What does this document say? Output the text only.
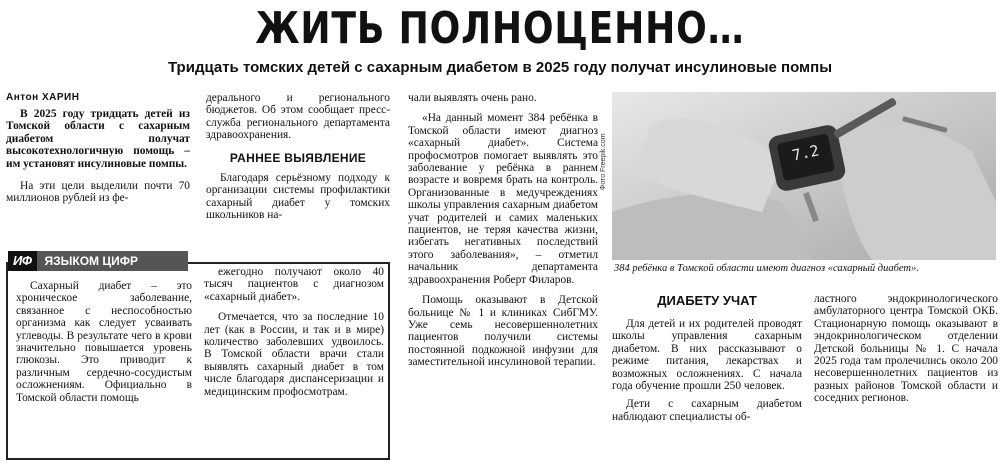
ЖИТЬ ПОЛНОЦЕННО…
Тридцать томских детей с сахарным диабетом в 2025 году получат инсулиновые помпы
Антон ХАРИН

В 2025 году тридцать детей из Томской области с сахарным диабетом получат высокотехнологичную помощь – им установят инсулиновые помпы.

На эти цели выделили почти 70 миллионов рублей из фе-

дерального и регионального бюджетов. Об этом сообщает пресс-служба регионального департамента здравоохранения.

РАННЕЕ ВЫЯВЛЕНИЕ

Благодаря серьёзному подходу к организации системы профилактики сахарный диабет у томских школьников на-

ИФ ЯЗЫКОМ ЦИФР

Сахарный диабет – это хроническое заболевание, связанное с неспособностью организма как следует усваивать углеводы. В результате чего в крови значительно повышается уровень глюкозы. Это приводит к различным сердечно-сосудистым осложнениям. Официально в Томской области помощь

ежегодно получают около 40 тысяч пациентов с диагнозом «сахарный диабет».

Отмечается, что за последние 10 лет (как в России, и так и в мире) количество заболевших удвоилось. В Томской области врачи стали выявлять сахарный диабет в том числе благодаря диспансеризации и медицинским профосмотрам.

чали выявлять очень рано.

«На данный момент 384 ребёнка в Томской области имеют диагноз «сахарный диабет». Система профосмотров помогает выявлять это заболевание у ребёнка в раннем возрасте и вовремя брать на контроль. Организованные в медучреждениях школы управления сахарным диабетом учат родителей и самих маленьких пациентов, не теряя качества жизни, избегать негативных последствий этого заболевания», – отметил начальник департамента здравоохранения Роберт Филаров.

Помощь оказывают в Детской больнице № 1 и клиниках СибГМУ. Уже семь несовершеннолетних пациентов получили системы постоянной подкожной инфузии для заместительной инсулиновой терапии.

7.2
Фото Freepik.com
384 ребёнка в Томской области имеют диагноз «сахарный диабет».
ДИАБЕТУ УЧАТ

Для детей и их родителей проводят школы управления сахарным диабетом. В них рассказывают о режиме питания, лекарствах и возможных осложнениях. С начала года обучение прошли 250 человек.

Дети с сахарным диабетом наблюдают специалисты об-

ластного эндокринологического амбулаторного центра Томской ОКБ. Стационарную помощь оказывают в эндокринологическом отделении Детской больницы № 1. С начала 2025 года там пролечились около 200 несовершеннолетних пациентов из разных районов Томской области и соседних регионов.
